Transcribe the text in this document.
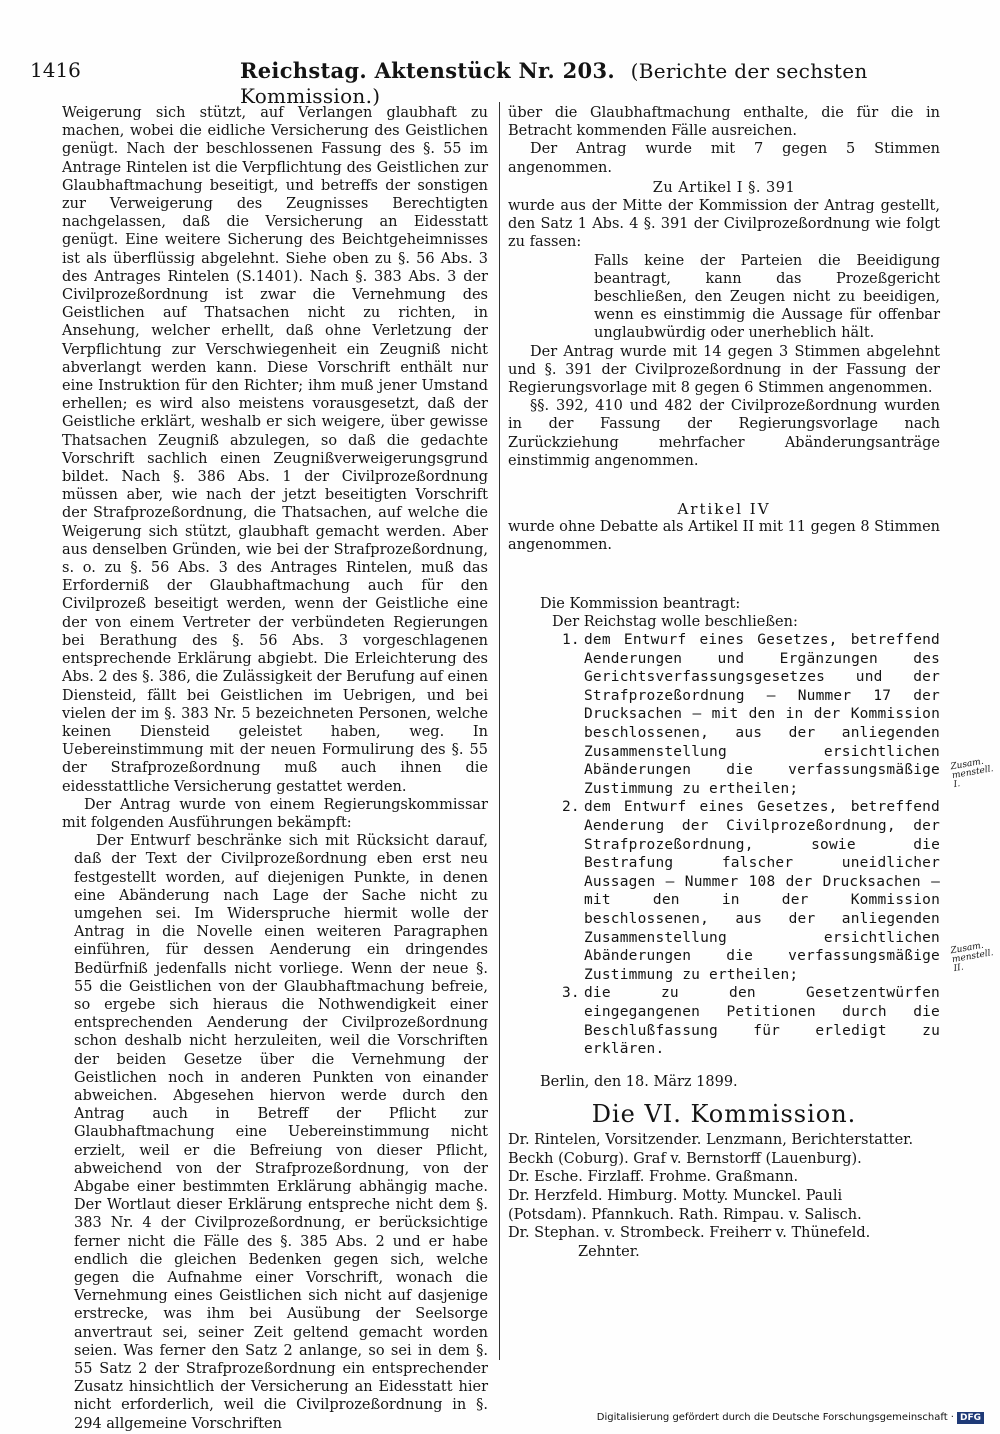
1416	Reichstag. Aktenstück Nr. 203. (Berichte der sechsten Kommission.)

Weigerung sich stützt, auf Verlangen glaubhaft zu machen, wobei die eidliche Versicherung des Geistlichen genügt. Nach der beschlossenen Fassung des §. 55 im Antrage Rintelen ist die Verpflichtung des Geistlichen zur Glaubhaftmachung beseitigt, und betreffs der sonstigen zur Verweigerung des Zeugnisses Berechtigten nachgelassen, daß die Versicherung an Eidesstatt genügt. Eine weitere Sicherung des Beichtgeheimnisses ist als überflüssig abgelehnt. Siehe oben zu §. 56 Abs. 3 des Antrages Rintelen (S.1401). Nach §. 383 Abs. 3 der Civilprozeßordnung ist zwar die Vernehmung des Geistlichen auf Thatsachen nicht zu richten, in Ansehung, welcher erhellt, daß ohne Verletzung der Verpflichtung zur Verschwiegenheit ein Zeugniß nicht abverlangt werden kann. Diese Vorschrift enthält nur eine Instruktion für den Richter; ihm muß jener Umstand erhellen; es wird also meistens vorausgesetzt, daß der Geistliche erklärt, weshalb er sich weigere, über gewisse Thatsachen Zeugniß abzulegen, so daß die gedachte Vorschrift sachlich einen Zeugnißverweigerungsgrund bildet. Nach §. 386 Abs. 1 der Civilprozeßordnung müssen aber, wie nach der jetzt beseitigten Vorschrift der Strafprozeßordnung, die Thatsachen, auf welche die Weigerung sich stützt, glaubhaft gemacht werden. Aber aus denselben Gründen, wie bei der Strafprozeßordnung, s. o. zu §. 56 Abs. 3 des Antrages Rintelen, muß das Erforderniß der Glaubhaftmachung auch für den Civilprozeß beseitigt werden, wenn der Geistliche eine der von einem Vertreter der verbündeten Regierungen bei Berathung des §. 56 Abs. 3 vorgeschlagenen entsprechende Erklärung abgiebt. Die Erleichterung des Abs. 2 des §. 386, die Zulässigkeit der Berufung auf einen Diensteid, fällt bei Geistlichen im Uebrigen, und bei vielen der im §. 383 Nr. 5 bezeichneten Personen, welche keinen Diensteid geleistet haben, weg. In Uebereinstimmung mit der neuen Formulirung des §. 55 der Strafprozeßordnung muß auch ihnen die eidesstattliche Versicherung gestattet werden.

Der Antrag wurde von einem Regierungskommissar mit folgenden Ausführungen bekämpft:

Der Entwurf beschränke sich mit Rücksicht darauf, daß der Text der Civilprozeßordnung eben erst neu festgestellt worden, auf diejenigen Punkte, in denen eine Abänderung nach Lage der Sache nicht zu umgehen sei. Im Widerspruche hiermit wolle der Antrag in die Novelle einen weiteren Paragraphen einführen, für dessen Aenderung ein dringendes Bedürfniß jedenfalls nicht vorliege. Wenn der neue §. 55 die Geistlichen von der Glaubhaftmachung befreie, so ergebe sich hieraus die Nothwendigkeit einer entsprechenden Aenderung der Civilprozeßordnung schon deshalb nicht herzuleiten, weil die Vorschriften der beiden Gesetze über die Vernehmung der Geistlichen noch in anderen Punkten von einander abweichen. Abgesehen hiervon werde durch den Antrag auch in Betreff der Pflicht zur Glaubhaftmachung eine Uebereinstimmung nicht erzielt, weil er die Befreiung von dieser Pflicht, abweichend von der Strafprozeßordnung, von der Abgabe einer bestimmten Erklärung abhängig mache. Der Wortlaut dieser Erklärung entspreche nicht dem §. 383 Nr. 4 der Civilprozeßordnung, er berücksichtige ferner nicht die Fälle des §. 385 Abs. 2 und er habe endlich die gleichen Bedenken gegen sich, welche gegen die Aufnahme einer Vorschrift, wonach die Vernehmung eines Geistlichen sich nicht auf dasjenige erstrecke, was ihm bei Ausübung der Seelsorge anvertraut sei, seiner Zeit geltend gemacht worden seien. Was ferner den Satz 2 anlange, so sei in dem §. 55 Satz 2 der Strafprozeßordnung ein entsprechender Zusatz hinsichtlich der Versicherung an Eidesstatt hier nicht erforderlich, weil die Civilprozeßordnung in §. 294 allgemeine Vorschriften

über die Glaubhaftmachung enthalte, die für die in Betracht kommenden Fälle ausreichen.

Der Antrag wurde mit 7 gegen 5 Stimmen angenommen.

Zu Artikel I §. 391

wurde aus der Mitte der Kommission der Antrag gestellt, den Satz 1 Abs. 4 §. 391 der Civilprozeßordnung wie folgt zu fassen:

Falls keine der Parteien die Beeidigung beantragt, kann das Prozeßgericht beschließen, den Zeugen nicht zu beeidigen, wenn es einstimmig die Aussage für offenbar unglaubwürdig oder unerheblich hält.

Der Antrag wurde mit 14 gegen 3 Stimmen abgelehnt und §. 391 der Civilprozeßordnung in der Fassung der Regierungsvorlage mit 8 gegen 6 Stimmen angenommen.

§§. 392, 410 und 482 der Civilprozeßordnung wurden in der Fassung der Regierungsvorlage nach Zurückziehung mehrfacher Abänderungsanträge einstimmig angenommen.

Artikel IV

wurde ohne Debatte als Artikel II mit 11 gegen 8 Stimmen angenommen.

Die Kommission beantragt:

Der Reichstag wolle beschließen:

1. dem Entwurf eines Gesetzes, betreffend Aenderungen und Ergänzungen des Gerichtsverfassungsgesetzes und der Strafprozeßordnung — Nummer 17 der Drucksachen — mit den in der Kommission beschlossenen, aus der anliegenden Zusammenstellung ersichtlichen Abänderungen die verfassungsmäßige Zustimmung zu ertheilen;
2. dem Entwurf eines Gesetzes, betreffend Aenderung der Civilprozeßordnung, der Strafprozeßordnung, sowie die Bestrafung falscher uneidlicher Aussagen — Nummer 108 der Drucksachen — mit den in der Kommission beschlossenen, aus der anliegenden Zusammenstellung ersichtlichen Abänderungen die verfassungsmäßige Zustimmung zu ertheilen;
3. die zu den Gesetzentwürfen eingegangenen Petitionen durch die Beschlußfassung für erledigt zu erklären.

Berlin, den 18. März 1899.

Die VI. Kommission.

Dr. Rintelen, Vorsitzender. Lenzmann, Berichterstatter.

Beckh (Coburg). Graf v. Bernstorff (Lauenburg).

Dr. Esche. Firzlaff. Frohme. Graßmann.

Dr. Herzfeld. Himburg. Motty. Munckel. Pauli

(Potsdam). Pfannkuch. Rath. Rimpau. v. Salisch.

Dr. Stephan. v. Strombeck. Freiherr v. Thünefeld.

Zehnter.

Zusam. menstell. I.
Zusam. menstell. II.
Digitalisierung gefördert durch die Deutsche Forschungsgemeinschaft · DFG
